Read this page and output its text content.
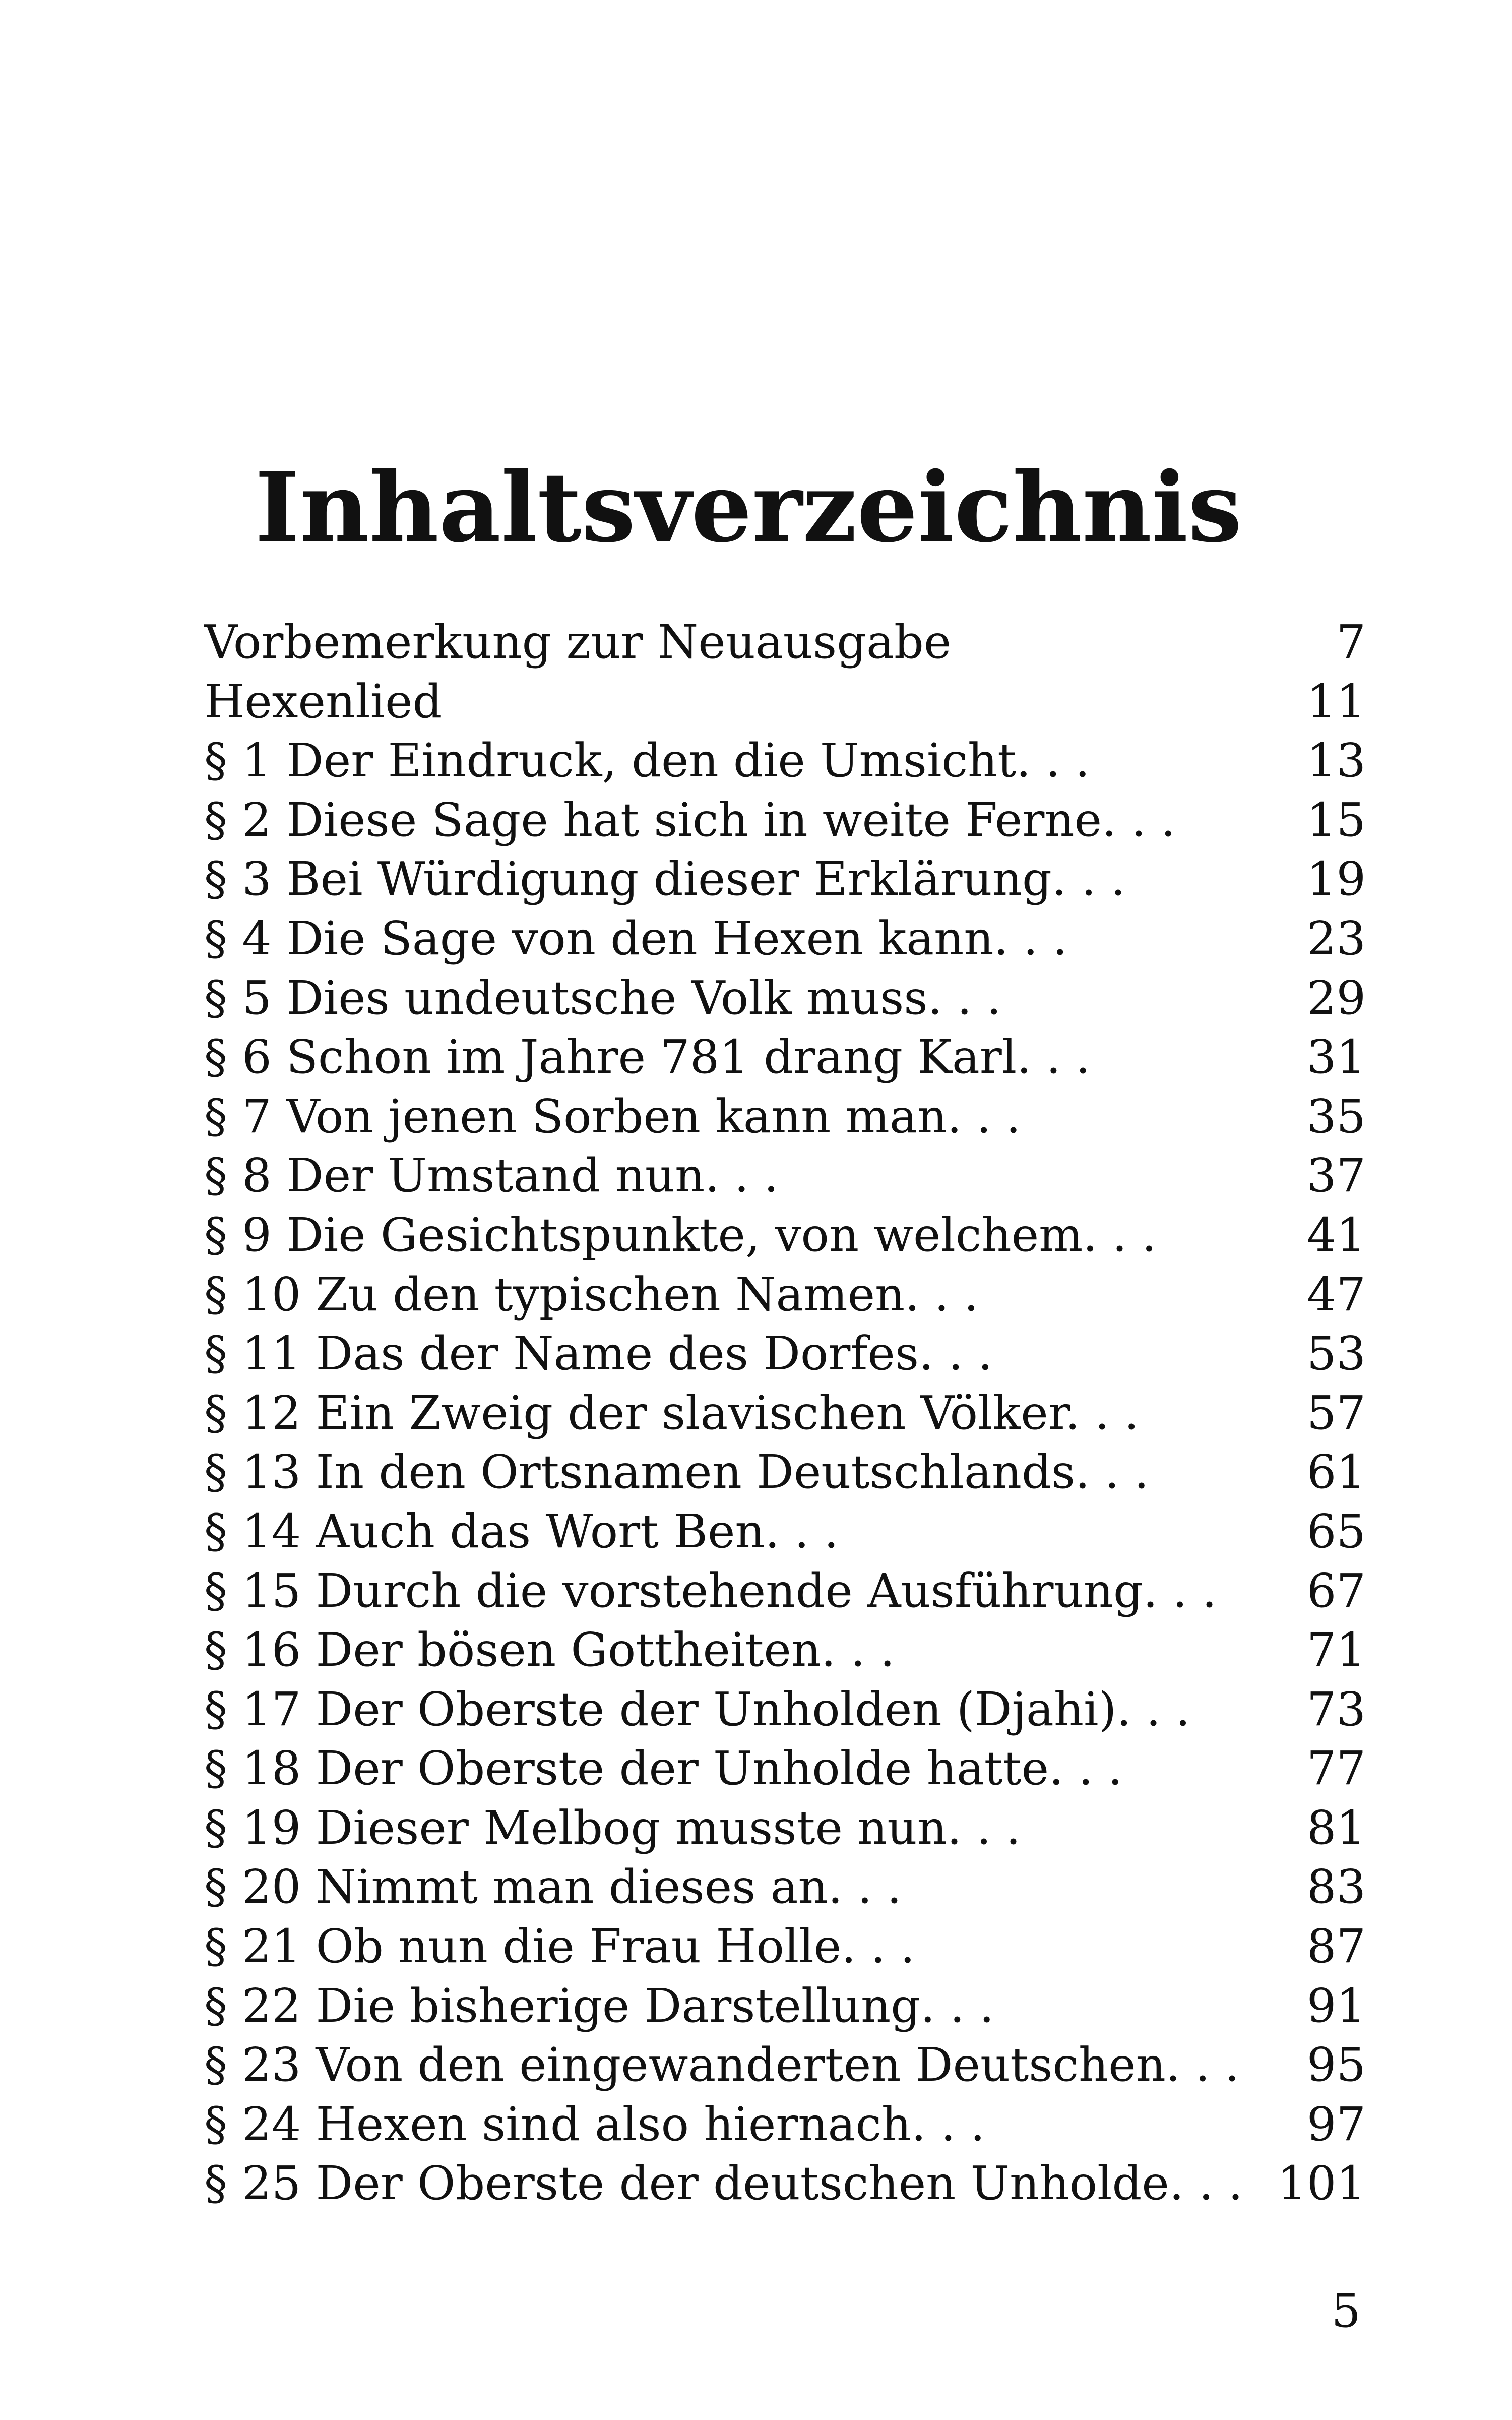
Inhaltsverzeichnis
Vorbemerkung zur Neuausgabe	7
Hexenlied	11
§ 1 Der Eindruck, den die Umsicht. . .	13
§ 2 Diese Sage hat sich in weite Ferne. . .	15
§ 3 Bei Würdigung dieser Erklärung. . .	19
§ 4 Die Sage von den Hexen kann. . .	23
§ 5 Dies undeutsche Volk muss. . .	29
§ 6 Schon im Jahre 781 drang Karl. . .	31
§ 7 Von jenen Sorben kann man. . .	35
§ 8 Der Umstand nun. . .	37
§ 9 Die Gesichtspunkte, von welchem. . .	41
§ 10 Zu den typischen Namen. . .	47
§ 11 Das der Name des Dorfes. . .	53
§ 12 Ein Zweig der slavischen Völker. . .	57
§ 13 In den Ortsnamen Deutschlands. . .	61
§ 14 Auch das Wort Ben. . .	65
§ 15 Durch die vorstehende Ausführung. . . 67
§ 16 Der bösen Gottheiten. . .	71
§ 17 Der Oberste der Unholden (Djahi). . .	73
§ 18 Der Oberste der Unholde hatte. . .	77
§ 19 Dieser Melbog musste nun. . .	81
§ 20 Nimmt man dieses an. . .	83
§ 21 Ob nun die Frau Holle. . .	87
§ 22 Die bisherige Darstellung. . .	91
§ 23 Von den eingewanderten Deutschen. . . 95
§ 24 Hexen sind also hiernach. . .	97
§ 25 Der Oberste der deutschen Unholde. . . 101
5
